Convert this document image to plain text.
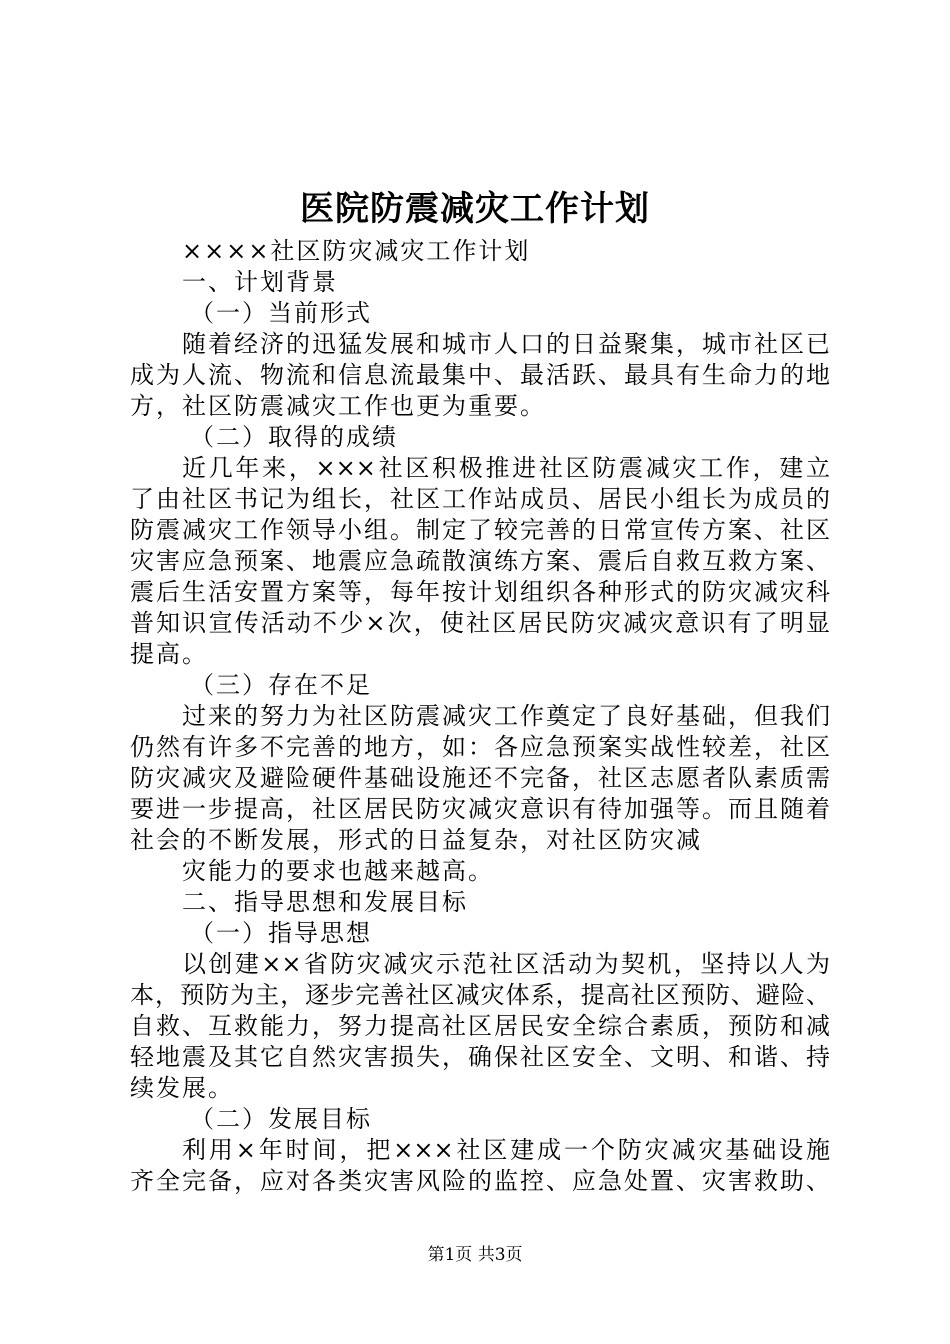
医院防震减灾工作计划
××××社区防灾减灾工作计划
一、计划背景
（一）当前形式
随着经济的迅猛发展和城市人口的日益聚集，城市社区已
成为人流、物流和信息流最集中、最活跃、最具有生命力的地
方，社区防震减灾工作也更为重要。
（二）取得的成绩
近几年来，×××社区积极推进社区防震减灾工作，建立
了由社区书记为组长，社区工作站成员、居民小组长为成员的
防震减灾工作领导小组。制定了较完善的日常宣传方案、社区
灾害应急预案、地震应急疏散演练方案、震后自救互救方案、
震后生活安置方案等，每年按计划组织各种形式的防灾减灾科
普知识宣传活动不少×次，使社区居民防灾减灾意识有了明显
提高。
（三）存在不足
过来的努力为社区防震减灾工作奠定了良好基础，但我们
仍然有许多不完善的地方，如：各应急预案实战性较差，社区
防灾减灾及避险硬件基础设施还不完备，社区志愿者队素质需
要进一步提高，社区居民防灾减灾意识有待加强等。而且随着
社会的不断发展，形式的日益复杂，对社区防灾减
灾能力的要求也越来越高。
二、指导思想和发展目标
（一）指导思想
以创建××省防灾减灾示范社区活动为契机，坚持以人为
本，预防为主，逐步完善社区减灾体系，提高社区预防、避险、
自救、互救能力，努力提高社区居民安全综合素质，预防和减
轻地震及其它自然灾害损失，确保社区安全、文明、和谐、持
续发展。
（二）发展目标
利用×年时间，把×××社区建成一个防灾减灾基础设施
齐全完备，应对各类灾害风险的监控、应急处置、灾害救助、
第1页 共3页
